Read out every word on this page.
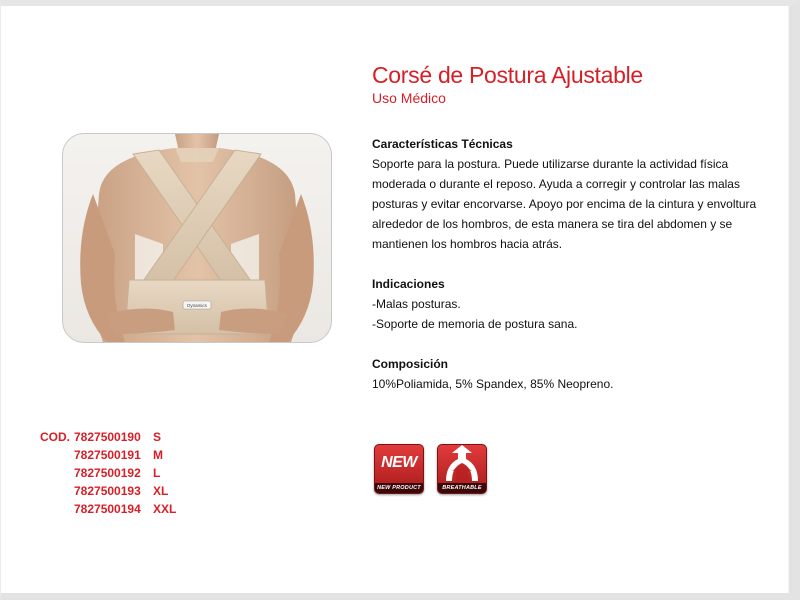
Corsé de Postura Ajustable
Uso Médico
Dynamics
Características Técnicas

Soporte para la postura. Puede utilizarse durante la actividad física moderada o durante el reposo. Ayuda a corregir y controlar las malas posturas y evitar encorvarse. Apoyo por encima de la cintura y envoltura alrededor de los hombros, de esta manera se tira del abdomen y se mantienen los hombros hacia atrás.

Indicaciones

-Malas posturas.

-Soporte de memoria de postura sana.

Composición

10%Poliamida, 5% Spandex, 85% Neopreno.

COD.	7827500190	S
	7827500191	M
	7827500192	L
	7827500193	XL
	7827500194	XXL
NEW
NEW PRODUCT	BREATHABLE
